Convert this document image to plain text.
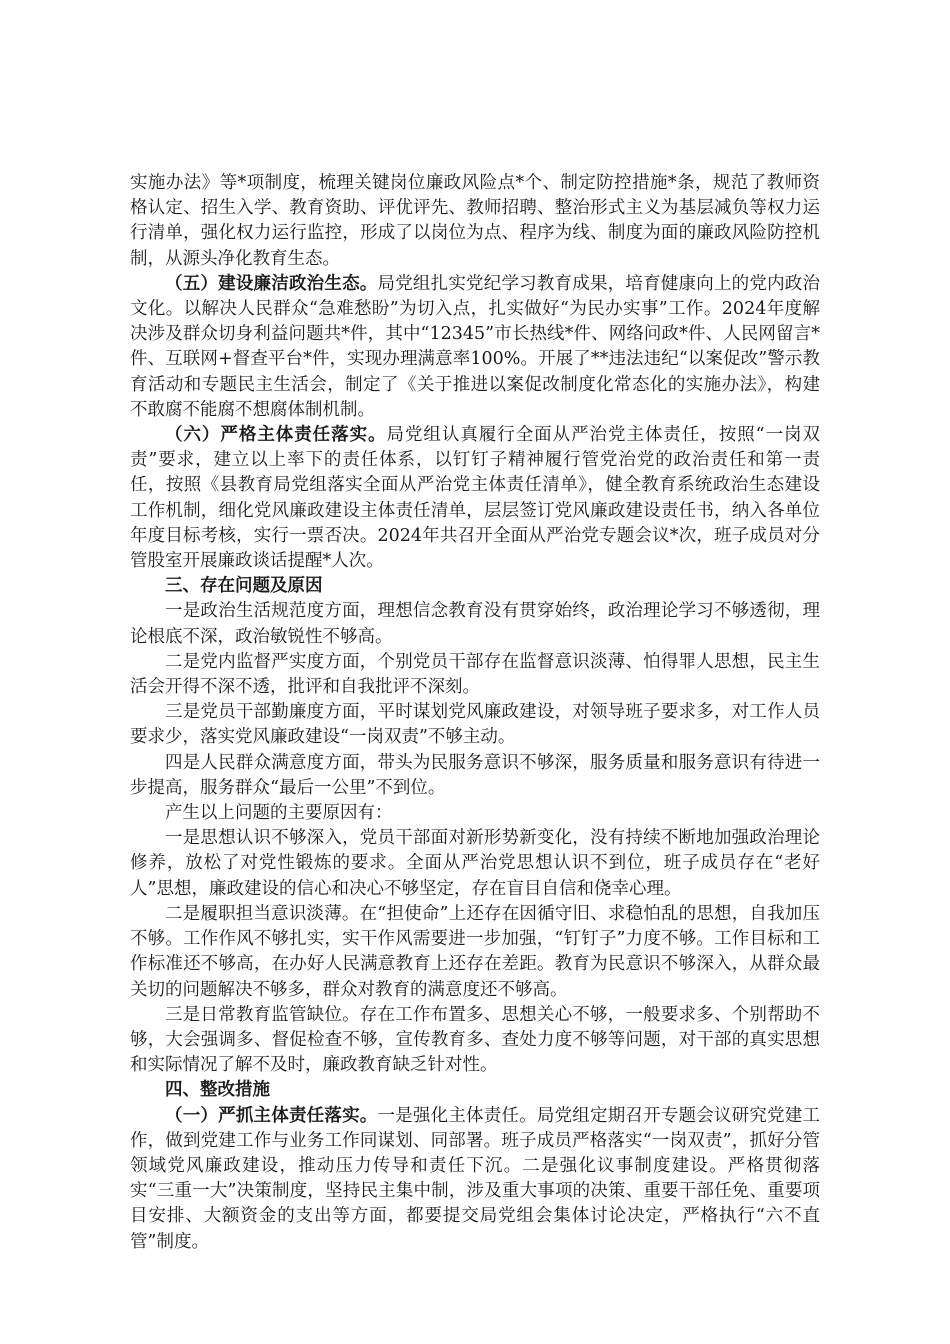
实施办法》等*项制度，梳理关键岗位廉政风险点*个、制定防控措施*条，规范了教师资格认定、招生入学、教育资助、评优评先、教师招聘、整治形式主义为基层减负等权力运行清单，强化权力运行监控，形成了以岗位为点、程序为线、制度为面的廉政风险防控机制，从源头净化教育生态。

（五）建设廉洁政治生态。局党组扎实党纪学习教育成果，培育健康向上的党内政治文化。以解决人民群众“急难愁盼”为切入点，扎实做好“为民办实事”工作。2024年度解决涉及群众切身利益问题共*件，其中“12345”市长热线*件、网络问政*件、人民网留言*件、互联网+督查平台*件，实现办理满意率100%。开展了**违法违纪“以案促改”警示教育活动和专题民主生活会，制定了《关于推进以案促改制度化常态化的实施办法》，构建不敢腐不能腐不想腐体制机制。

（六）严格主体责任落实。局党组认真履行全面从严治党主体责任，按照“一岗双责”要求，建立以上率下的责任体系，以钉钉子精神履行管党治党的政治责任和第一责任，按照《县教育局党组落实全面从严治党主体责任清单》，健全教育系统政治生态建设工作机制，细化党风廉政建设主体责任清单，层层签订党风廉政建设责任书，纳入各单位年度目标考核，实行一票否决。2024年共召开全面从严治党专题会议*次，班子成员对分管股室开展廉政谈话提醒*人次。

三、存在问题及原因

一是政治生活规范度方面，理想信念教育没有贯穿始终，政治理论学习不够透彻，理论根底不深，政治敏锐性不够高。

二是党内监督严实度方面，个别党员干部存在监督意识淡薄、怕得罪人思想，民主生活会开得不深不透，批评和自我批评不深刻。

三是党员干部勤廉度方面，平时谋划党风廉政建设，对领导班子要求多，对工作人员要求少，落实党风廉政建设“一岗双责”不够主动。

四是人民群众满意度方面，带头为民服务意识不够深，服务质量和服务意识有待进一步提高，服务群众“最后一公里”不到位。

产生以上问题的主要原因有：

一是思想认识不够深入，党员干部面对新形势新变化，没有持续不断地加强政治理论修养，放松了对党性锻炼的要求。全面从严治党思想认识不到位，班子成员存在“老好人”思想，廉政建设的信心和决心不够坚定，存在盲目自信和侥幸心理。

二是履职担当意识淡薄。在“担使命”上还存在因循守旧、求稳怕乱的思想，自我加压不够。工作作风不够扎实，实干作风需要进一步加强，“钉钉子”力度不够。工作目标和工作标准还不够高，在办好人民满意教育上还存在差距。教育为民意识不够深入，从群众最关切的问题解决不够多，群众对教育的满意度还不够高。

三是日常教育监管缺位。存在工作布置多、思想关心不够，一般要求多、个别帮助不够，大会强调多、督促检查不够，宣传教育多、查处力度不够等问题，对干部的真实思想和实际情况了解不及时，廉政教育缺乏针对性。

四、整改措施

（一）严抓主体责任落实。一是强化主体责任。局党组定期召开专题会议研究党建工作，做到党建工作与业务工作同谋划、同部署。班子成员严格落实“一岗双责”，抓好分管领域党风廉政建设，推动压力传导和责任下沉。二是强化议事制度建设。严格贯彻落实“三重一大”决策制度，坚持民主集中制，涉及重大事项的决策、重要干部任免、重要项目安排、大额资金的支出等方面，都要提交局党组会集体讨论决定，严格执行“六不直管”制度。
